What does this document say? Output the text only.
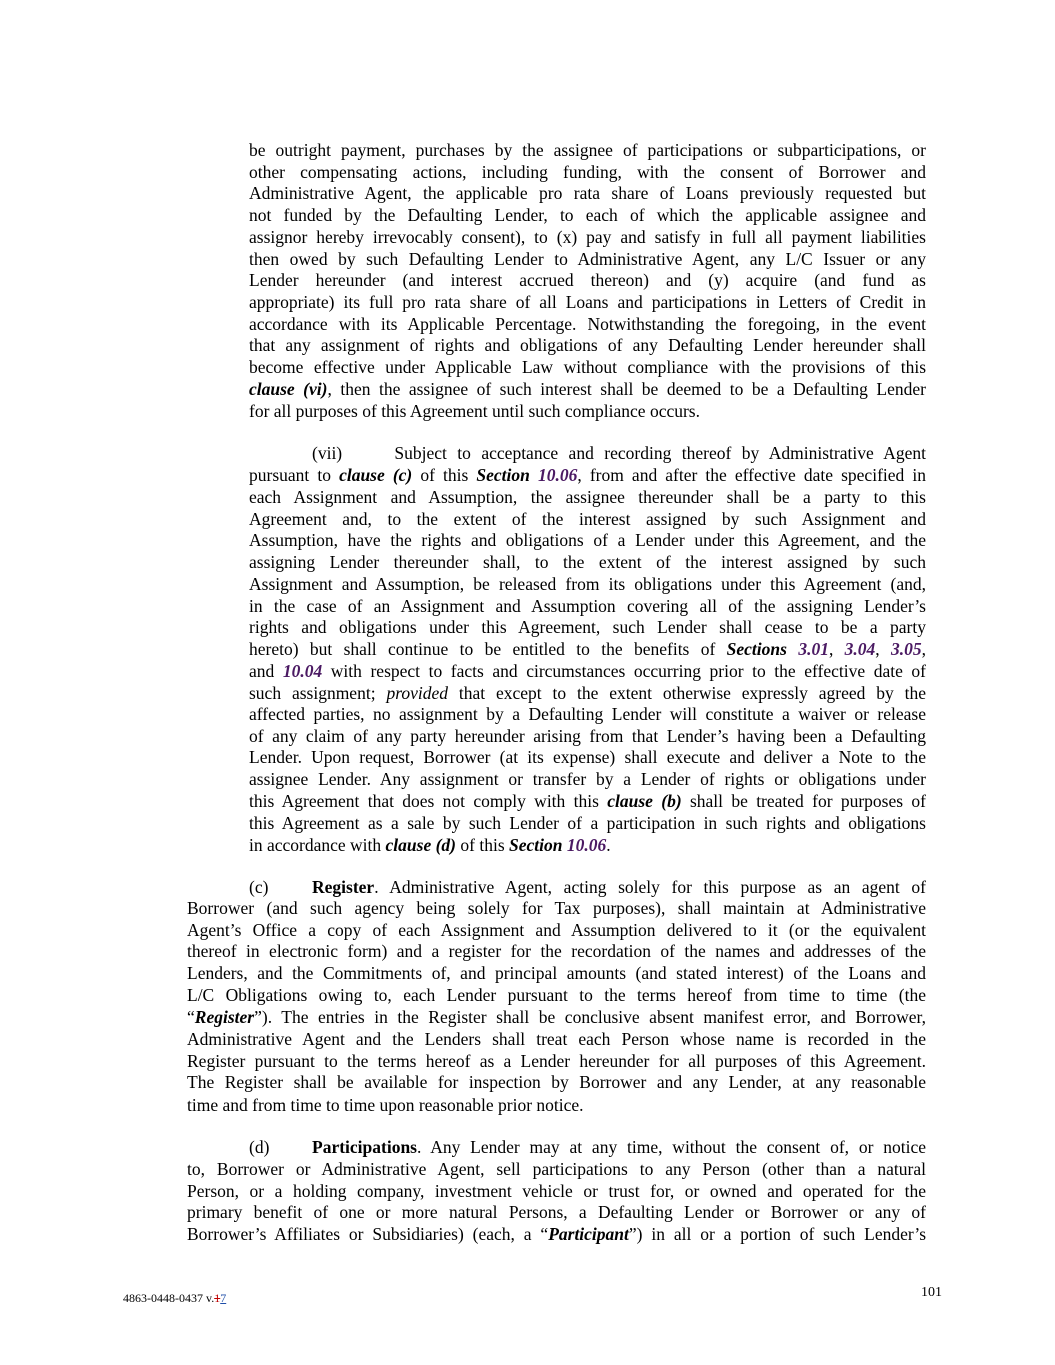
be outright payment, purchases by the assignee of participations or subparticipations, or
other compensating actions, including funding, with the consent of Borrower and
Administrative Agent, the applicable pro rata share of Loans previously requested but
not funded by the Defaulting Lender, to each of which the applicable assignee and
assignor hereby irrevocably consent), to (x) pay and satisfy in full all payment liabilities
then owed by such Defaulting Lender to Administrative Agent, any L/C Issuer or any
Lender hereunder (and interest accrued thereon) and (y) acquire (and fund as
appropriate) its full pro rata share of all Loans and participations in Letters of Credit in
accordance with its Applicable Percentage. Notwithstanding the foregoing, in the event
that any assignment of rights and obligations of any Defaulting Lender hereunder shall
become effective under Applicable Law without compliance with the provisions of this
clause (vi), then the assignee of such interest shall be deemed to be a Defaulting Lender
for all purposes of this Agreement until such compliance occurs.
(vii)     Subject to acceptance and recording thereof by Administrative Agent
pursuant to clause (c) of this Section 10.06, from and after the effective date specified in
each Assignment and Assumption, the assignee thereunder shall be a party to this
Agreement and, to the extent of the interest assigned by such Assignment and
Assumption, have the rights and obligations of a Lender under this Agreement, and the
assigning Lender thereunder shall, to the extent of the interest assigned by such
Assignment and Assumption, be released from its obligations under this Agreement (and,
in the case of an Assignment and Assumption covering all of the assigning Lender’s
rights and obligations under this Agreement, such Lender shall cease to be a party
hereto) but shall continue to be entitled to the benefits of Sections 3.01, 3.04, 3.05,
and 10.04 with respect to facts and circumstances occurring prior to the effective date of
such assignment; provided that except to the extent otherwise expressly agreed by the
affected parties, no assignment by a Defaulting Lender will constitute a waiver or release
of any claim of any party hereunder arising from that Lender’s having been a Defaulting
Lender. Upon request, Borrower (at its expense) shall execute and deliver a Note to the
assignee Lender. Any assignment or transfer by a Lender of rights or obligations under
this Agreement that does not comply with this clause (b) shall be treated for purposes of
this Agreement as a sale by such Lender of a participation in such rights and obligations
in accordance with clause (d) of this Section 10.06.
(c) Register. Administrative Agent, acting solely for this purpose as an agent of
Borrower (and such agency being solely for Tax purposes), shall maintain at Administrative
Agent’s Office a copy of each Assignment and Assumption delivered to it (or the equivalent
thereof in electronic form) and a register for the recordation of the names and addresses of the
Lenders, and the Commitments of, and principal amounts (and stated interest) of the Loans and
L/C Obligations owing to, each Lender pursuant to the terms hereof from time to time (the
“Register”). The entries in the Register shall be conclusive absent manifest error, and Borrower,
Administrative Agent and the Lenders shall treat each Person whose name is recorded in the
Register pursuant to the terms hereof as a Lender hereunder for all purposes of this Agreement.
The Register shall be available for inspection by Borrower and any Lender, at any reasonable
time and from time to time upon reasonable prior notice.
(d) Participations. Any Lender may at any time, without the consent of, or notice
to, Borrower or Administrative Agent, sell participations to any Person (other than a natural
Person, or a holding company, investment vehicle or trust for, or owned and operated for the
primary benefit of one or more natural Persons, a Defaulting Lender or Borrower or any of
Borrower’s Affiliates or Subsidiaries) (each, a “Participant”) in all or a portion of such Lender’s
4863-0448-0437 v.17	101
